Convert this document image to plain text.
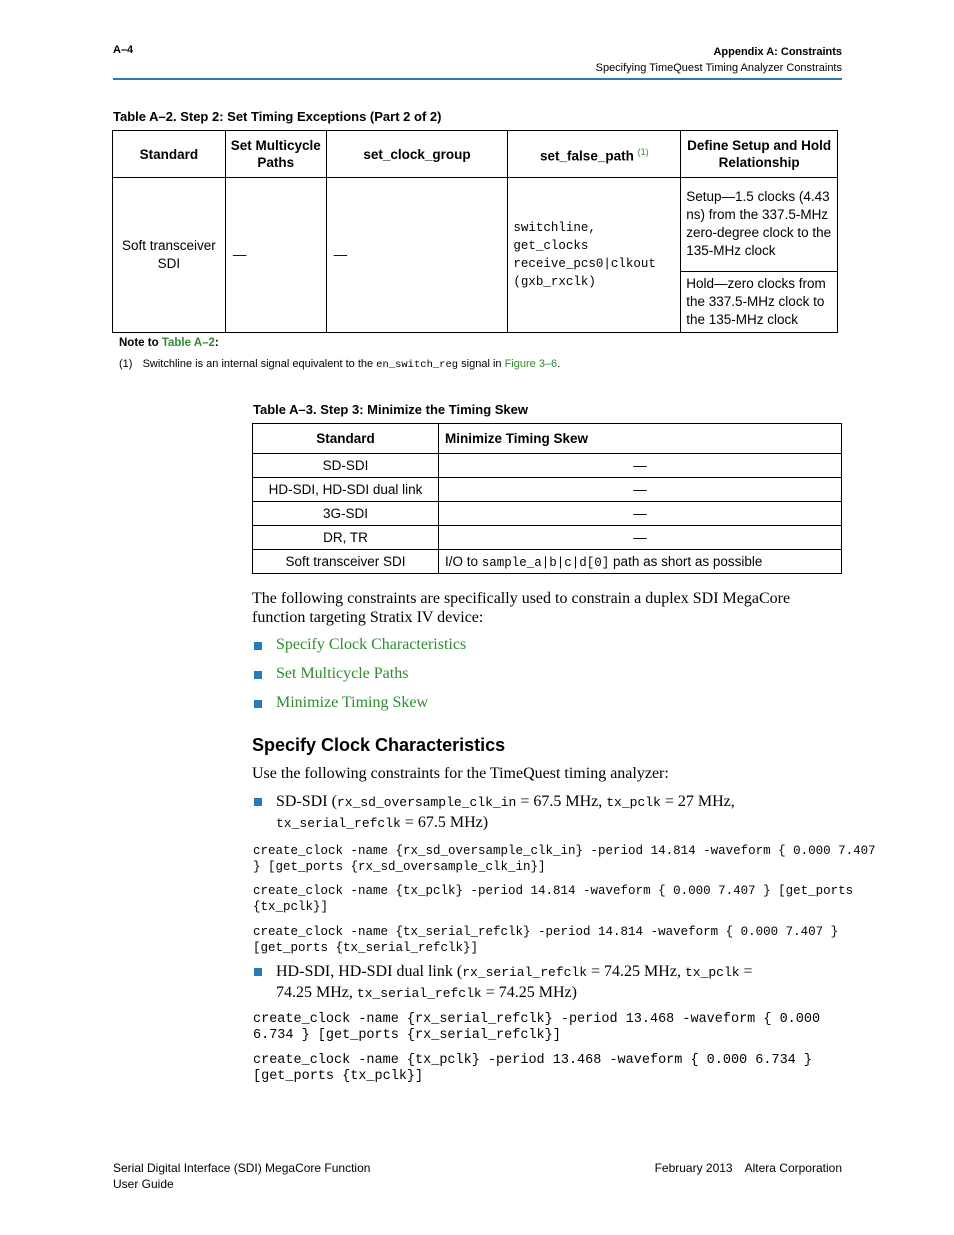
A–4	Appendix A: Constraints
Specifying TimeQuest Timing Analyzer Constraints
Table A–2. Step 2: Set Timing Exceptions (Part 2 of 2)
Standard	Set Multicycle Paths	set_clock_group	set_false_path $^{(1)}$	Define Setup and Hold Relationship
Soft transceiver SDI	—	—	switchline,
get_clocks
receive_pcs0|clkout
(gxb_rxclk)	Setup—1.5 clocks (4.43 ns) from the 337.5-MHz zero-degree clock to the 135-MHz clock
				Hold—zero clocks from the 337.5-MHz clock to the 135-MHz clock
Note to Table A–2:
(1) Switchline is an internal signal equivalent to the en_switch_reg signal in Figure 3–6.
Table A–3. Step 3: Minimize the Timing Skew
Standard	Minimize Timing Skew
SD-SDI	—
HD-SDI, HD-SDI dual link	—
3G-SDI	—
DR, TR	—
Soft transceiver SDI	I/O to sample_a|b|c|d[0] path as short as possible
The following constraints are specifically used to constrain a duplex SDI MegaCore
function targeting Stratix IV device:
Specify Clock Characteristics
Set Multicycle Paths
Minimize Timing Skew
Specify Clock Characteristics
Use the following constraints for the TimeQuest timing analyzer:
SD-SDI (rx_sd_oversample_clk_in = 67.5 MHz, tx_pclk = 27 MHz,
tx_serial_refclk = 67.5 MHz)
create_clock -name {rx_sd_oversample_clk_in} -period 14.814 -waveform { 0.000 7.407
} [get_ports {rx_sd_oversample_clk_in}]
create_clock -name {tx_pclk} -period 14.814 -waveform { 0.000 7.407 } [get_ports
{tx_pclk}]
create_clock -name {tx_serial_refclk} -period 14.814 -waveform { 0.000 7.407 }
[get_ports {tx_serial_refclk}]
HD-SDI, HD-SDI dual link (rx_serial_refclk = 74.25 MHz, tx_pclk =
74.25 MHz, tx_serial_refclk = 74.25 MHz)
create_clock -name {rx_serial_refclk} -period 13.468 -waveform { 0.000
6.734 } [get_ports {rx_serial_refclk}]
create_clock -name {tx_pclk} -period 13.468 -waveform { 0.000 6.734 }
[get_ports {tx_pclk}]
Serial Digital Interface (SDI) MegaCore Function
User Guide
February 2013 Altera Corporation
